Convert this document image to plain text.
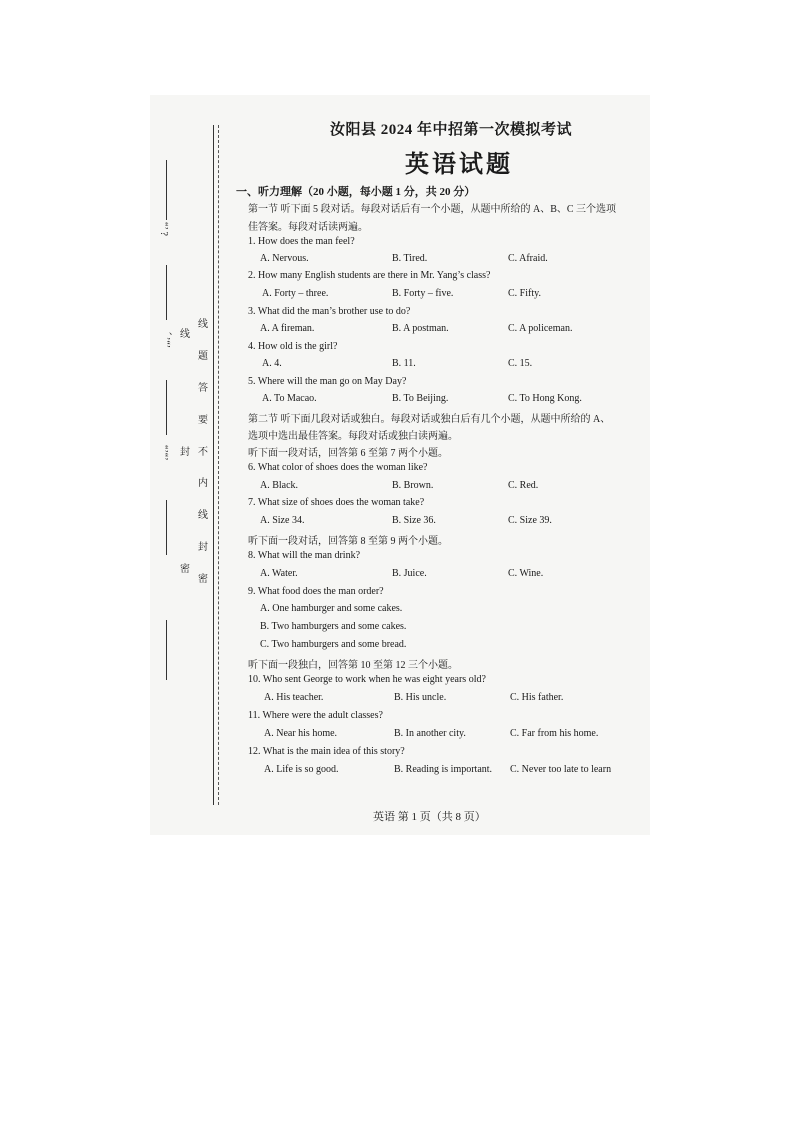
“’ ?
、’“’
“’“’
线
题
答
要
不
内
线
封
密
线
封
密
汝阳县 2024 年中招第一次模拟考试
英语试题
一、听力理解（20 小题，每小题 1 分，共 20 分）
第一节 听下面 5 段对话。每段对话后有一个小题，从题中所给的 A、B、C 三个选项
佳答案。每段对话读两遍。
1. How does the man feel?
A. Nervous.	B. Tired.	C. Afraid.
2. How many English students are there in Mr. Yang’s class?
A. Forty – three.	B. Forty – five.	C. Fifty.
3. What did the man’s brother use to do?
A. A fireman.	B. A postman.	C. A policeman.
4. How old is the girl?
A. 4.	B. 11.	C. 15.
5. Where will the man go on May Day?
A. To Macao.	B. To Beijing.	C. To Hong Kong.
第二节 听下面几段对话或独白。每段对话或独白后有几个小题，从题中所给的 A、
选项中选出最佳答案。每段对话或独白读两遍。
听下面一段对话，回答第 6 至第 7 两个小题。
6. What color of shoes does the woman like?
A. Black.	B. Brown.	C. Red.
7. What size of shoes does the woman take?
A. Size 34.	B. Size 36.	C. Size 39.
听下面一段对话，回答第 8 至第 9 两个小题。
8. What will the man drink?
A. Water.	B. Juice.	C. Wine.
9. What food does the man order?
A. One hamburger and some cakes.
B. Two hamburgers and some cakes.
C. Two hamburgers and some bread.
听下面一段独白，回答第 10 至第 12 三个小题。
10. Who sent George to work when he was eight years old?
A. His teacher.	B. His uncle.	C. His father.
11. Where were the adult classes?
A. Near his home.	B. In another city.	C. Far from his home.
12. What is the main idea of this story?
A. Life is so good.	B. Reading is important. C. Never too late to learn
英语 第 1 页（共 8 页）
